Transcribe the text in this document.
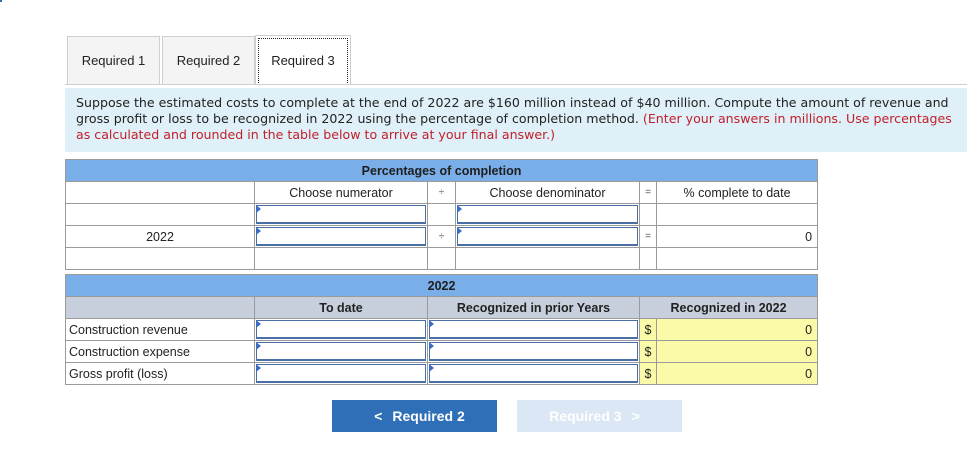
Required 1 Required 2 Required 3
Suppose the estimated costs to complete at the end of 2022 are $160 million instead of $40 million. Compute the amount of revenue and gross profit or loss to be recognized in 2022 using the percentage of completion method. (Enter your answers in millions. Use percentages as calculated and rounded in the table below to arrive at your final answer.)
Percentages of completion					
	Choose numerator	÷	Choose denominator	=	% complete to date

2022		÷		=	0

2022				
	To date	Recognized in prior Years	Recognized in 2022	
Construction revenue			$	0
Construction expense			$	0
Gross profit (loss)			$	0
< Required 2	Required 3 >
